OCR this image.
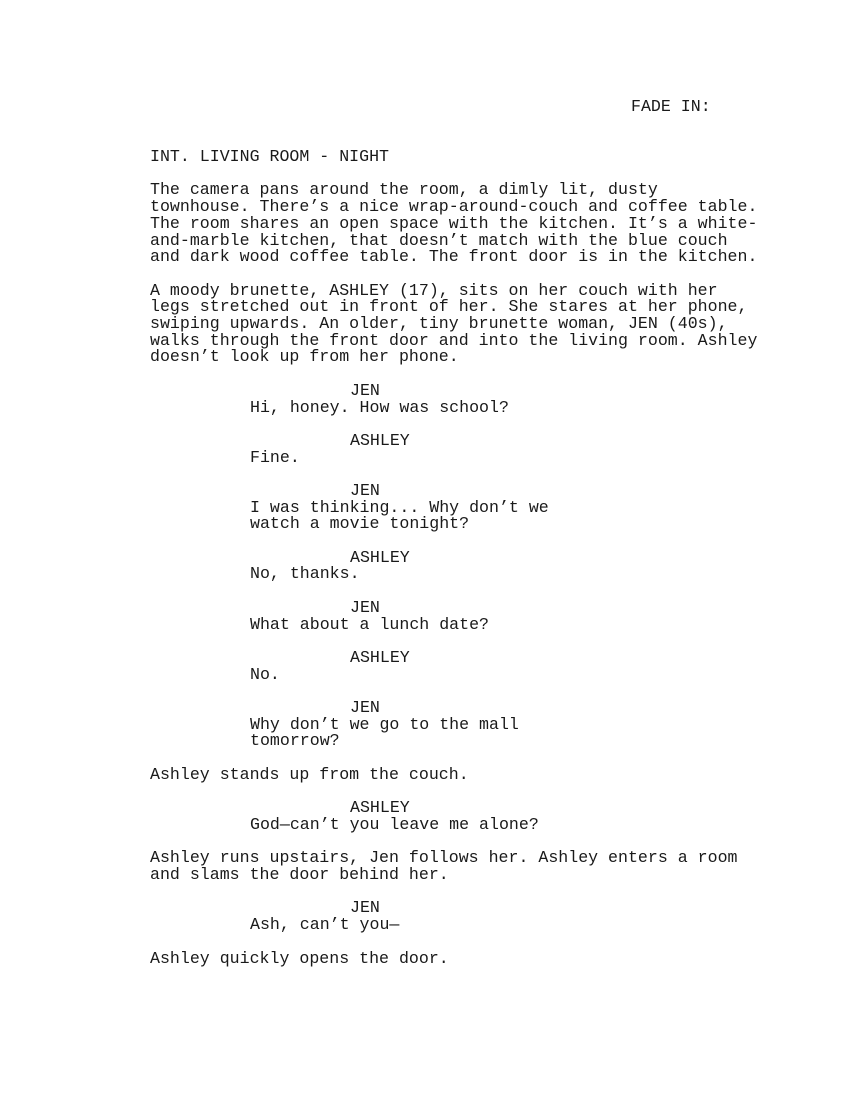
FADE IN:
INT. LIVING ROOM - NIGHT
The camera pans around the room, a dimly lit, dusty
townhouse. There’s a nice wrap-around-couch and coffee table.
The room shares an open space with the kitchen. It’s a white-
and-marble kitchen, that doesn’t match with the blue couch
and dark wood coffee table. The front door is in the kitchen.
A moody brunette, ASHLEY (17), sits on her couch with her
legs stretched out in front of her. She stares at her phone,
swiping upwards. An older, tiny brunette woman, JEN (40s),
walks through the front door and into the living room. Ashley
doesn’t look up from her phone.
JEN
Hi, honey. How was school?
ASHLEY
Fine.
JEN
I was thinking... Why don’t we
watch a movie tonight?
ASHLEY
No, thanks.
JEN
What about a lunch date?
ASHLEY
No.
JEN
Why don’t we go to the mall
tomorrow?
Ashley stands up from the couch.
ASHLEY
God—can’t you leave me alone?
Ashley runs upstairs, Jen follows her. Ashley enters a room
and slams the door behind her.
JEN
Ash, can’t you—
Ashley quickly opens the door.
